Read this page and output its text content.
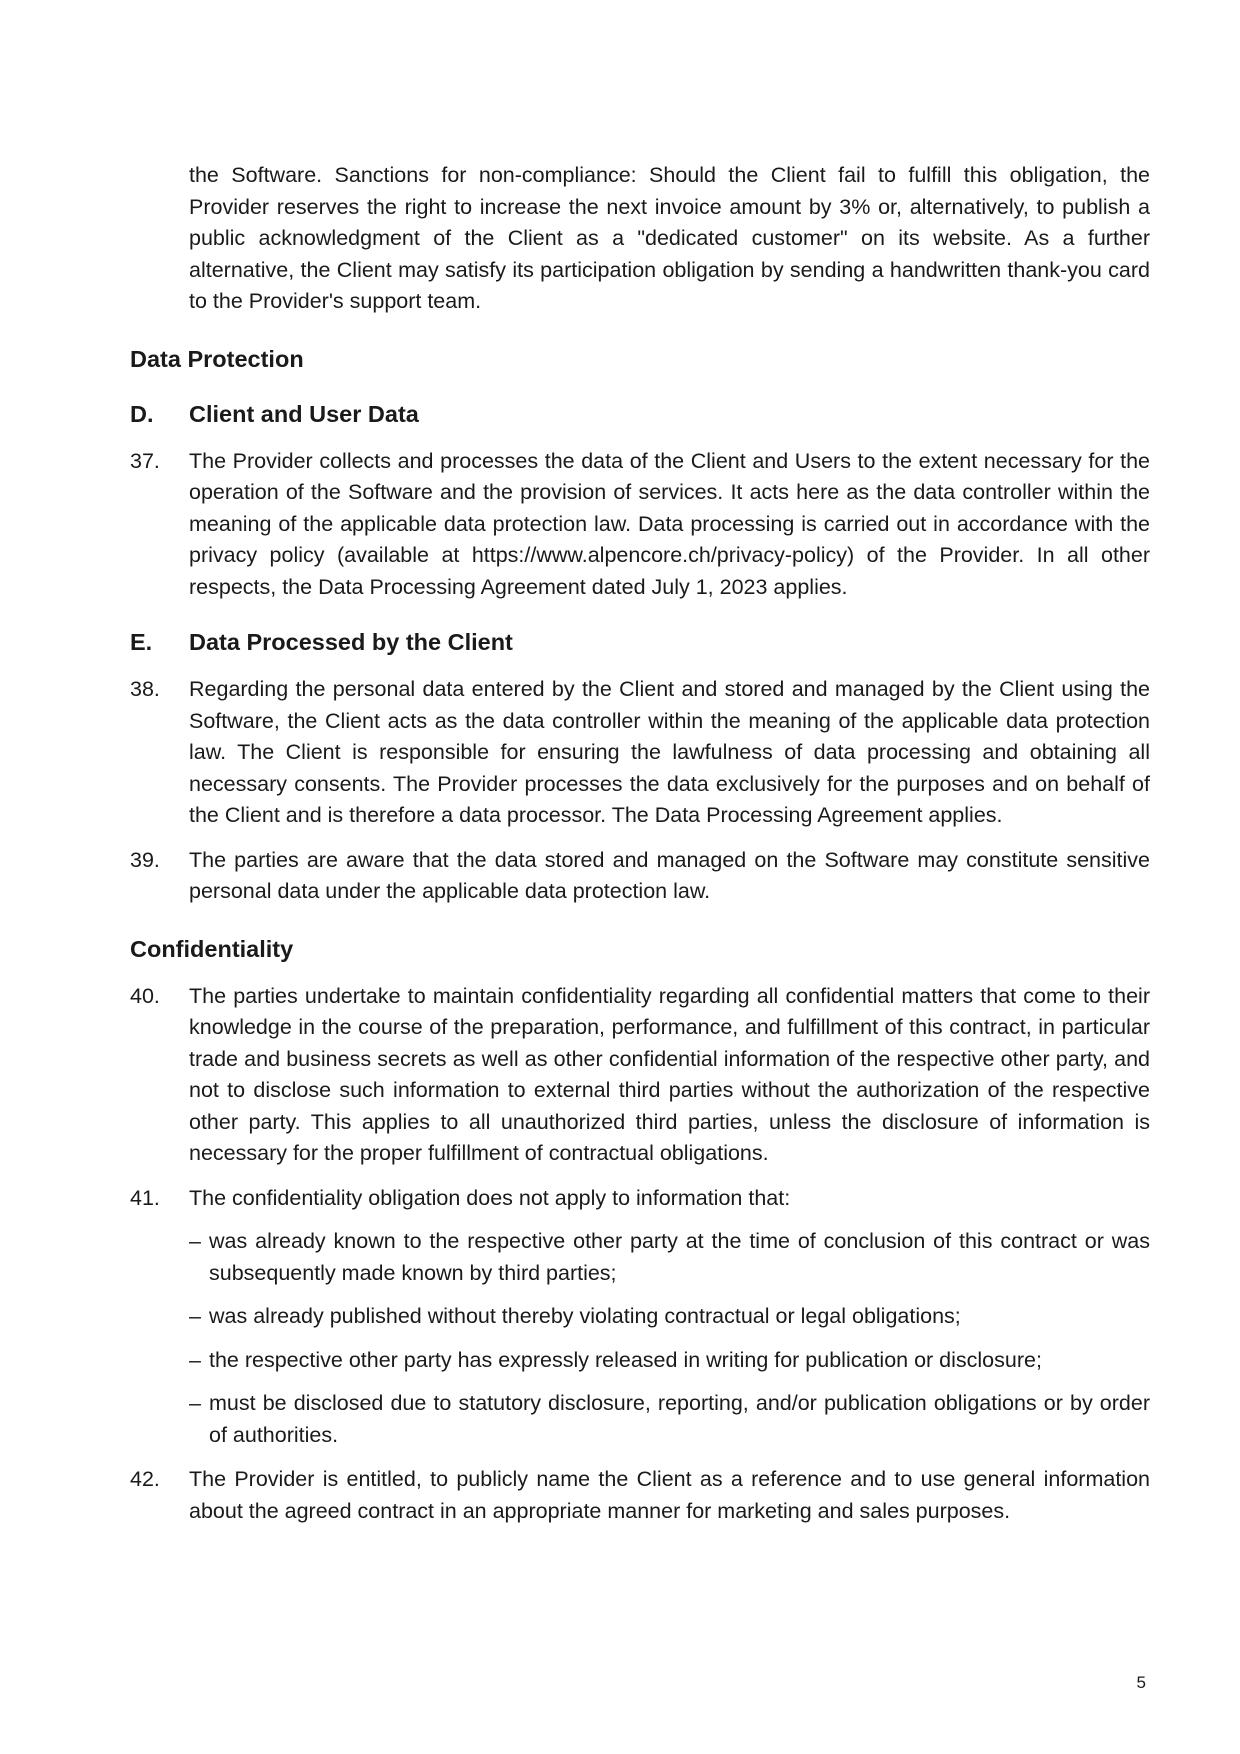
the Software. Sanctions for non-compliance: Should the Client fail to fulfill this obligation, the Provider reserves the right to increase the next invoice amount by 3% or, alternatively, to publish a public acknowledgment of the Client as a "dedicated customer" on its website. As a further alternative, the Client may satisfy its participation obligation by sending a handwritten thank-you card to the Provider's support team.

Data Protection
D.	Client and User Data
37.	The Provider collects and processes the data of the Client and Users to the extent necessary for the operation of the Software and the provision of services. It acts here as the data controller within the meaning of the applicable data protection law. Data processing is carried out in accordance with the privacy policy (available at https://www.alpencore.ch/privacy-policy) of the Provider. In all other respects, the Data Processing Agreement dated July 1, 2023 applies.

E.	Data Processed by the Client
38.	Regarding the personal data entered by the Client and stored and managed by the Client using the Software, the Client acts as the data controller within the meaning of the applicable data protection law. The Client is responsible for ensuring the lawfulness of data processing and obtaining all necessary consents. The Provider processes the data exclusively for the purposes and on behalf of the Client and is therefore a data processor. The Data Processing Agreement applies.

39.	The parties are aware that the data stored and managed on the Software may constitute sensitive personal data under the applicable data protection law.

Confidentiality
40.	The parties undertake to maintain confidentiality regarding all confidential matters that come to their knowledge in the course of the preparation, performance, and fulfillment of this contract, in particular trade and business secrets as well as other confidential information of the respective other party, and not to disclose such information to external third parties without the authorization of the respective other party. This applies to all unauthorized third parties, unless the disclosure of information is necessary for the proper fulfillment of contractual obligations.

41.	The confidentiality obligation does not apply to information that:

– was already known to the respective other party at the time of conclusion of this contract or was subsequently made known by third parties;
– was already published without thereby violating contractual or legal obligations;
– the respective other party has expressly released in writing for publication or disclosure;
– must be disclosed due to statutory disclosure, reporting, and/or publication obligations or by order of authorities.
42.	The Provider is entitled, to publicly name the Client as a reference and to use general information about the agreed contract in an appropriate manner for marketing and sales purposes.

5
